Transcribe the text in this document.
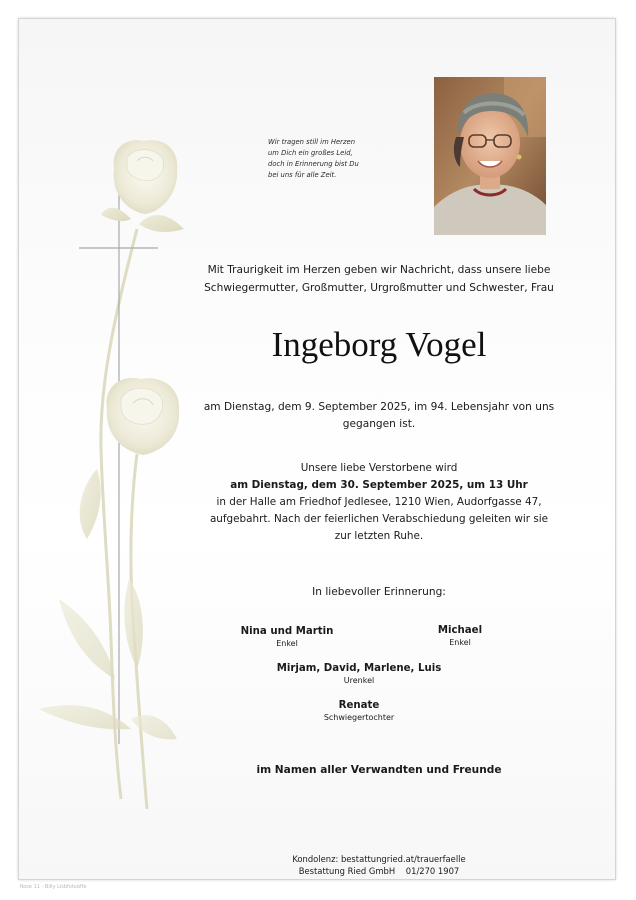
Wir tragen still im Herzen
um Dich ein großes Leid,
doch in Erinnerung bist Du
bei uns für alle Zeit.
Mit Traurigkeit im Herzen geben wir Nachricht, dass unsere liebe
Schwiegermutter, Großmutter, Urgroßmutter und Schwester, Frau
Ingeborg Vogel
am Dienstag, dem 9. September 2025, im 94. Lebensjahr von uns
gegangen ist.
Unsere liebe Verstorbene wird
am Dienstag, dem 30. September 2025, um 13 Uhr
in der Halle am Friedhof Jedlesee, 1210 Wien, Audorfgasse 47,
aufgebahrt. Nach der feierlichen Verabschiedung geleiten wir sie
zur letzten Ruhe.
In liebevoller Erinnerung:
Nina und Martin
Enkel
Michael
Enkel
Mirjam, David, Marlene, Luis
Urenkel
Renate
Schwiegertochter
im Namen aller Verwandten und Freunde
Kondolenz: bestattungried.at/trauerfaelle
Bestattung Ried GmbH    01/270 1907
Rose 11 - Billy Lisbfotoäffe
